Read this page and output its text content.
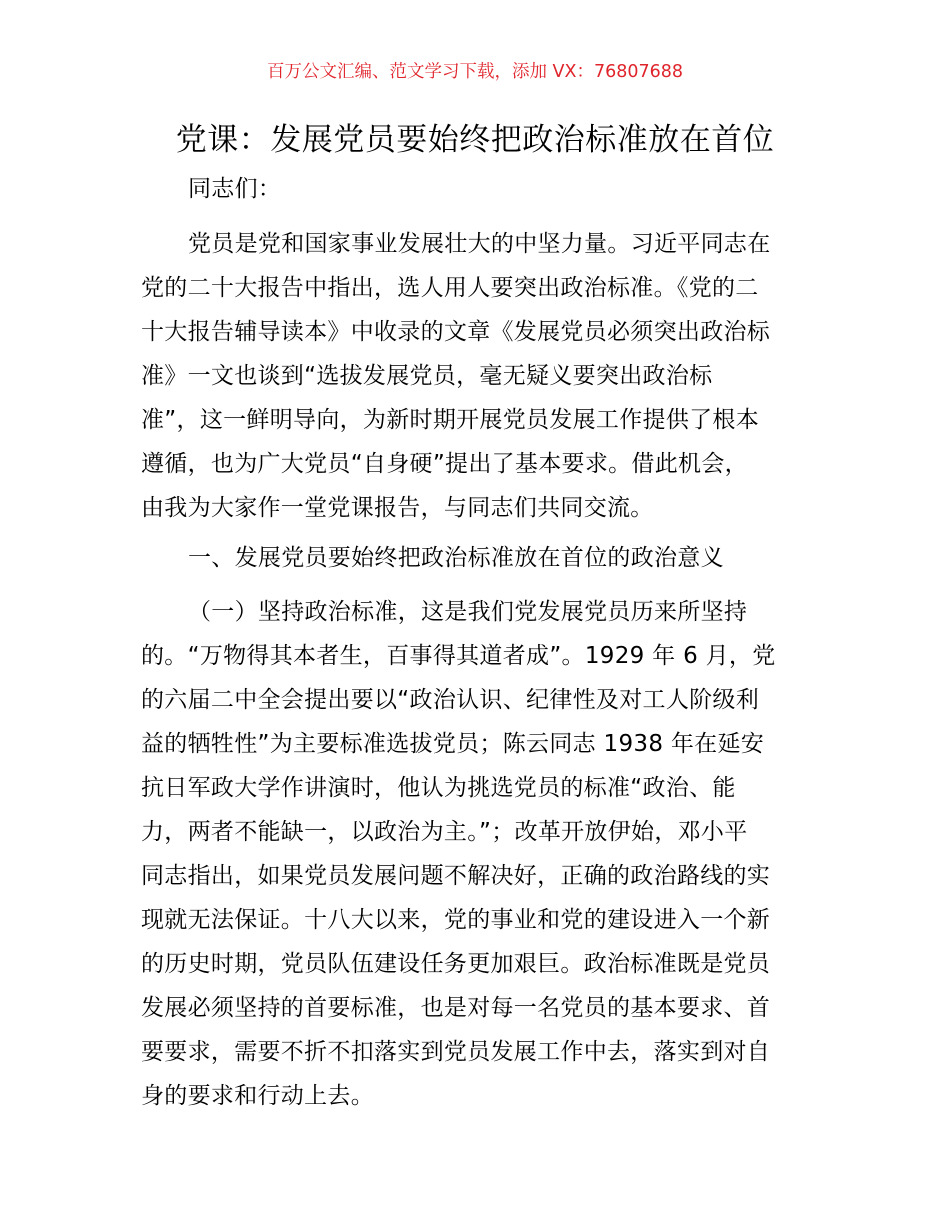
百万公文汇编、范文学习下载，添加 VX：76807688
党课：发展党员要始终把政治标准放在首位
同志们：
党员是党和国家事业发展壮大的中坚力量。习近平同志在
党的二十大报告中指出，选人用人要突出政治标准。《党的二
十大报告辅导读本》中收录的文章《发展党员必须突出政治标
准》一文也谈到“选拔发展党员，毫无疑义要突出政治标
准”，这一鲜明导向，为新时期开展党员发展工作提供了根本
遵循，也为广大党员“自身硬”提出了基本要求。借此机会，
由我为大家作一堂党课报告，与同志们共同交流。
一、发展党员要始终把政治标准放在首位的政治意义
（一）坚持政治标准，这是我们党发展党员历来所坚持
的。“万物得其本者生，百事得其道者成”。1929 年 6 月，党
的六届二中全会提出要以“政治认识、纪律性及对工人阶级利
益的牺牲性”为主要标准选拔党员；陈云同志 1938 年在延安
抗日军政大学作讲演时，他认为挑选党员的标准“政治、能
力，两者不能缺一，以政治为主。”；改革开放伊始，邓小平
同志指出，如果党员发展问题不解决好，正确的政治路线的实
现就无法保证。十八大以来，党的事业和党的建设进入一个新
的历史时期，党员队伍建设任务更加艰巨。政治标准既是党员
发展必须坚持的首要标准，也是对每一名党员的基本要求、首
要要求，需要不折不扣落实到党员发展工作中去，落实到对自
身的要求和行动上去。
